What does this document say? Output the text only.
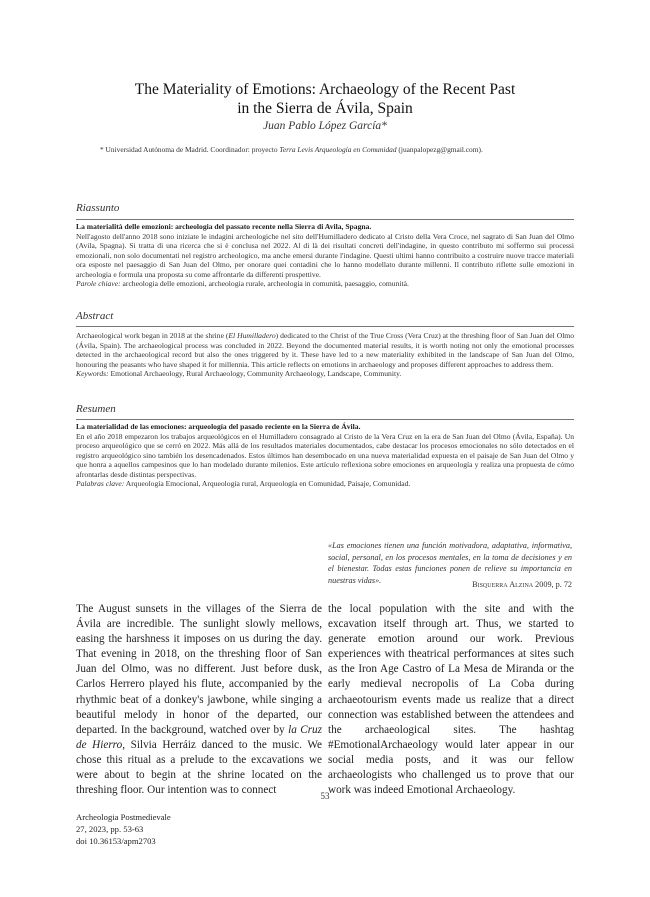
The Materiality of Emotions: Archaeology of the Recent Past
in the Sierra de Ávila, Spain
Juan Pablo López García*
* Universidad Autónoma de Madrid. Coordinador: proyecto Terra Levis Arqueología en Comunidad (juanpalopezg@gmail.com).
Riassunto
La materialità delle emozioni: archeologia del passato recente nella Sierra di Avila, Spagna.
Nell'agosto dell'anno 2018 sono iniziate le indagini archeologiche nel sito dell'Humilladero dedicato al Cristo della Vera Croce, nel sagrato di San Juan del Olmo (Avila, Spagna). Si tratta di una ricerca che si è conclusa nel 2022. Al di là dei risultati concreti dell'indagine, in questo contributo mi soffermo sui processi emozionali, non solo documentati nel registro archeologico, ma anche emersi durante l'indagine. Questi ultimi hanno contribuito a costruire nuove tracce materiali ora esposte nel paesaggio di San Juan del Olmo, per onorare quei contadini che lo hanno modellato durante millenni. Il contributo riflette sulle emozioni in archeologia e formula una proposta su come affrontarle da differenti prospettive.
Parole chiave: archeologia delle emozioni, archeologia rurale, archeologia in comunità, paesaggio, comunità.
Abstract
Archaeological work began in 2018 at the shrine (El Humilladero) dedicated to the Christ of the True Cross (Vera Cruz) at the threshing floor of San Juan del Olmo (Ávila, Spain). The archaeological process was concluded in 2022. Beyond the documented material results, it is worth noting not only the emotional processes detected in the archaeological record but also the ones triggered by it. These have led to a new materiality exhibited in the landscape of San Juan del Olmo, honouring the peasants who have shaped it for millennia. This article reflects on emotions in archaeology and proposes different approaches to address them.
Keywords: Emotional Archaeology, Rural Archaeology, Community Archaeology, Landscape, Community.
Resumen
La materialidad de las emociones: arqueología del pasado reciente en la Sierra de Ávila.
En el año 2018 empezaron los trabajos arqueológicos en el Humilladero consagrado al Cristo de la Vera Cruz en la era de San Juan del Olmo (Ávila, España). Un proceso arqueológico que se cerró en 2022. Más allá de los resultados materiales documentados, cabe destacar los procesos emocionales no sólo detectados en el registro arqueológico sino también los desencadenados. Estos últimos han desembocado en una nueva materialidad expuesta en el paisaje de San Juan del Olmo y que honra a aquellos campesinos que lo han modelado durante milenios. Este artículo reflexiona sobre emociones en arqueología y realiza una propuesta de cómo afrontarlas desde distintas perspectivas.
Palabras clave: Arqueología Emocional, Arqueología rural, Arqueología en Comunidad, Paisaje, Comunidad.
«Las emociones tienen una función motivadora, adaptativa, informativa, social, personal, en los procesos mentales, en la toma de decisiones y en el bienestar. Todas estas funciones ponen de relieve su importancia en nuestras vidas».	Bisquerra Alzina 2009, p. 72
The August sunsets in the villages of the Sierra de Ávila are incredible. The sunlight slowly mellows, easing the harshness it imposes on us during the day. That evening in 2018, on the threshing floor of San Juan del Olmo, was no different. Just before dusk, Carlos Herrero played his flute, accompanied by the rhythmic beat of a donkey's jawbone, while singing a beautiful melody in honor of the departed, our departed. In the background, watched over by la Cruz de Hierro, Silvia Herráiz danced to the music. We chose this ritual as a prelude to the excavations we were about to begin at the shrine located on the threshing floor. Our intention was to connect
the local population with the site and with the excavation itself through art. Thus, we started to generate emotion around our work. Previous experiences with theatrical performances at sites such as the Iron Age Castro of La Mesa de Miranda or the early medieval necropolis of La Coba during archaeotourism events made us realize that a direct connection was established between the attendees and the archaeological sites. The hashtag #EmotionalArchaeology would later appear in our social media posts, and it was our fellow archaeologists who challenged us to prove that our work was indeed Emotional Archaeology.
53
Archeologia Postmedievale
27, 2023, pp. 53-63
doi 10.36153/apm2703
